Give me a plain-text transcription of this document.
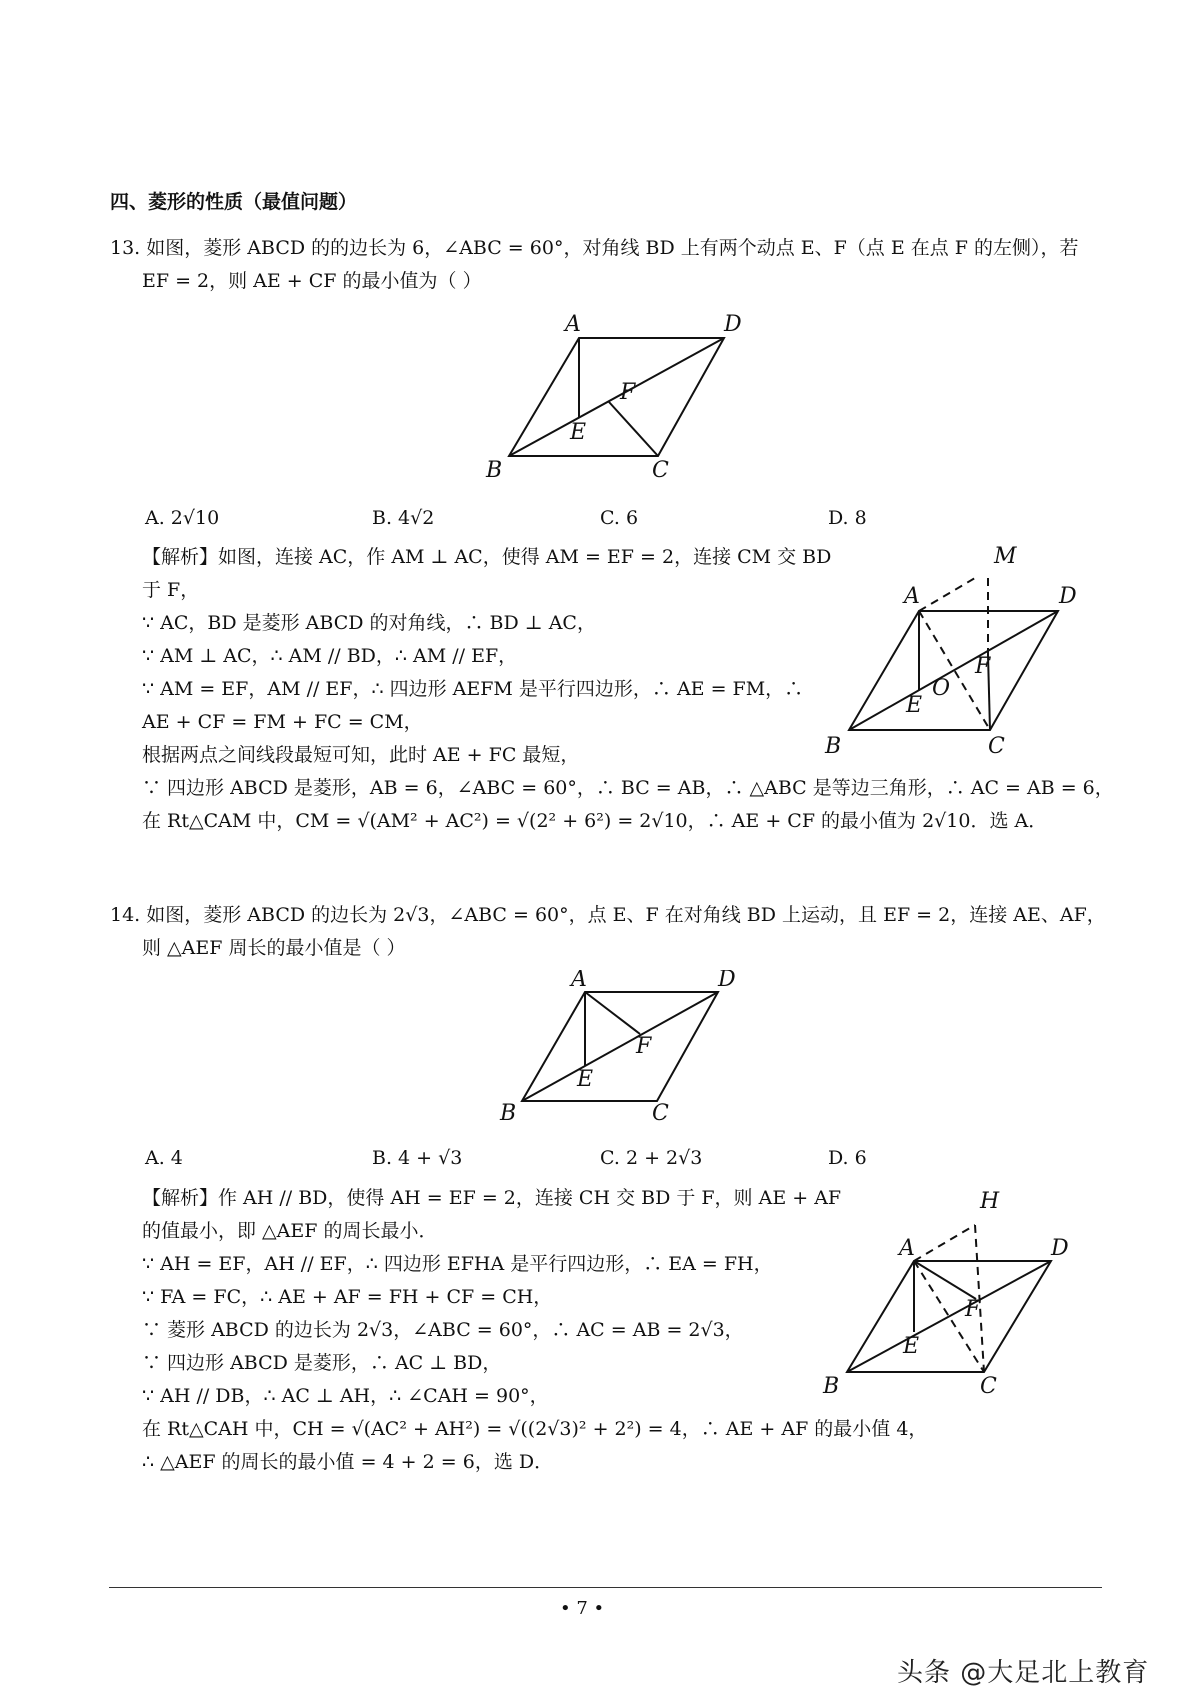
四、菱形的性质（最值问题）
13. 如图，菱形 ABCD 的的边长为 6，∠ABC = 60°，对角线 BD 上有两个动点 E、F（点 E 在点 F 的左侧），若
EF = 2，则 AE + CF 的最小值为（ ）
A	D
B	C
E
F
A. 2√10	B. 4√2	C. 6	D. 8
【解析】如图，连接 AC，作 AM ⊥ AC，使得 AM = EF = 2，连接 CM 交 BD
于 F，
∵ AC，BD 是菱形 ABCD 的对角线，∴ BD ⊥ AC，
∵ AM ⊥ AC，∴ AM // BD，∴ AM // EF，
∵ AM = EF，AM // EF，∴ 四边形 AEFM 是平行四边形，∴ AE = FM，∴
AE + CF = FM + FC = CM，
根据两点之间线段最短可知，此时 AE + FC 最短，
∵ 四边形 ABCD 是菱形，AB = 6，∠ABC = 60°，∴ BC = AB，∴ △ABC 是等边三角形，∴ AC = AB = 6，
在 Rt△CAM 中，CM = √(AM² + AC²) = √(2² + 6²) = 2√10，∴ AE + CF 的最小值为 2√10．选 A．
M
A	D
F
O
E
B	C
14. 如图，菱形 ABCD 的边长为 2√3，∠ABC = 60°，点 E、F 在对角线 BD 上运动，且 EF = 2，连接 AE、AF，
则 △AEF 周长的最小值是（ ）
A	D
B	C
E
F
A. 4	B. 4 + √3	C. 2 + 2√3	D. 6
【解析】作 AH // BD，使得 AH = EF = 2，连接 CH 交 BD 于 F，则 AE + AF
的值最小，即 △AEF 的周长最小．
∵ AH = EF，AH // EF，∴ 四边形 EFHA 是平行四边形，∴ EA = FH，
∵ FA = FC，∴ AE + AF = FH + CF = CH，
∵ 菱形 ABCD 的边长为 2√3，∠ABC = 60°，∴ AC = AB = 2√3，
∵ 四边形 ABCD 是菱形，∴ AC ⊥ BD，
∵ AH // DB，∴ AC ⊥ AH，∴ ∠CAH = 90°，
在 Rt△CAH 中，CH = √(AC² + AH²) = √((2√3)² + 2²) = 4，∴ AE + AF 的最小值 4，
∴ △AEF 的周长的最小值 = 4 + 2 = 6，选 D．
H
A	D
F
E
B	C
• 7 •
头条 @大足北上教育
